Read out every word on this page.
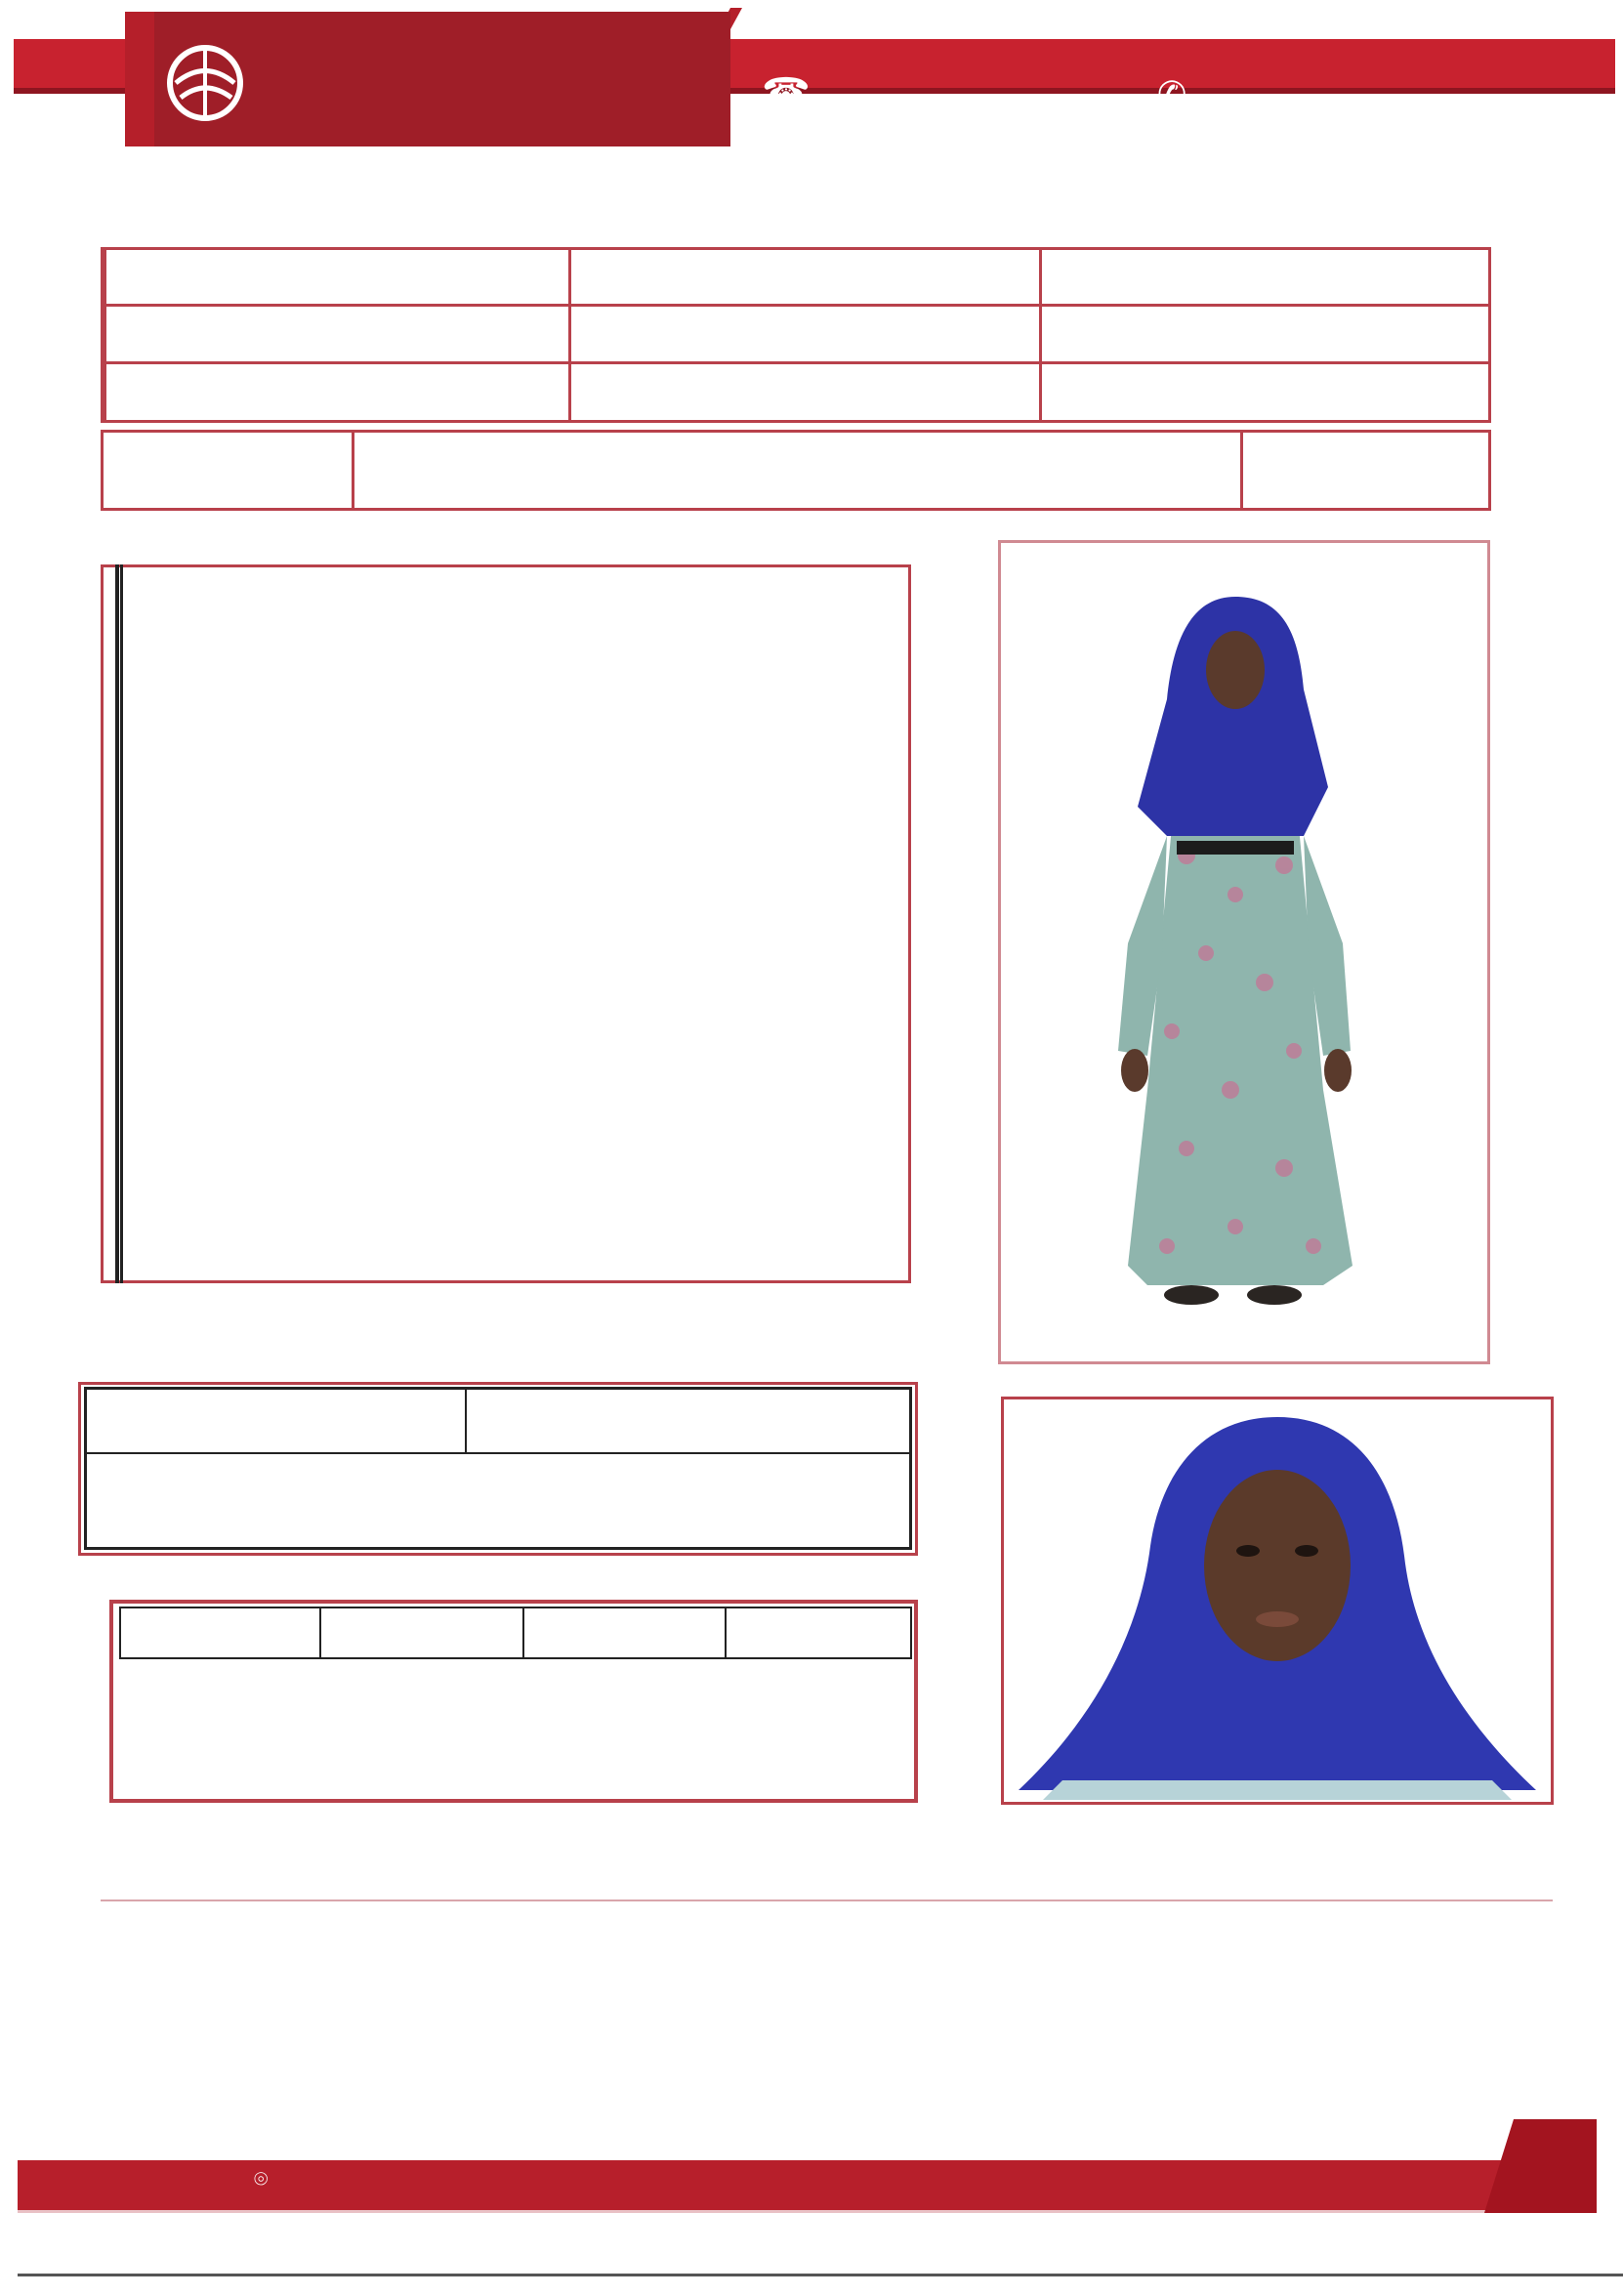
☎	✆

⌾
